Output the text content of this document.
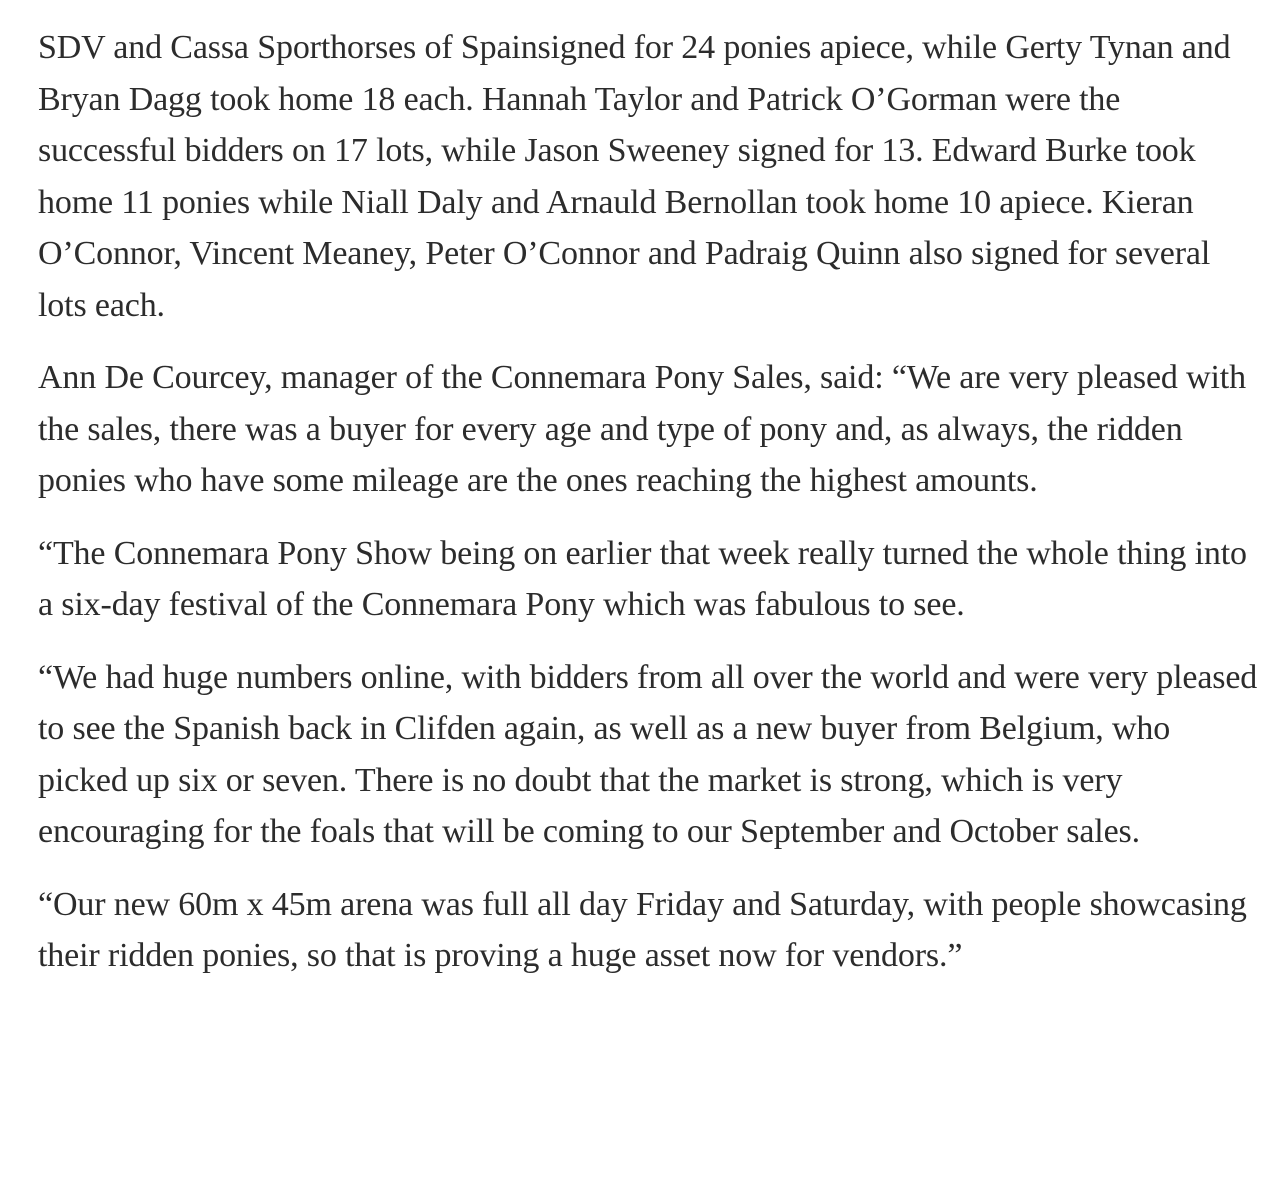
SDV and Cassa Sporthorses of Spainsigned for 24 ponies apiece, while Gerty Tynan and Bryan Dagg took home 18 each. Hannah Taylor and Patrick O’Gorman were the successful bidders on 17 lots, while Jason Sweeney signed for 13. Edward Burke took home 11 ponies while Niall Daly and Arnauld Bernollan took home 10 apiece. Kieran O’Connor, Vincent Meaney, Peter O’Connor and Padraig Quinn also signed for several lots each.

Ann De Courcey, manager of the Connemara Pony Sales, said: “We are very pleased with the sales, there was a buyer for every age and type of pony and, as always, the ridden ponies who have some mileage are the ones reaching the highest amounts.

“The Connemara Pony Show being on earlier that week really turned the whole thing into a six-day festival of the Connemara Pony which was fabulous to see.

“We had huge numbers online, with bidders from all over the world and were very pleased to see the Spanish back in Clifden again, as well as a new buyer from Belgium, who picked up six or seven. There is no doubt that the market is strong, which is very encouraging for the foals that will be coming to our September and October sales.

“Our new 60m x 45m arena was full all day Friday and Saturday, with people showcasing their ridden ponies, so that is proving a huge asset now for vendors.”
